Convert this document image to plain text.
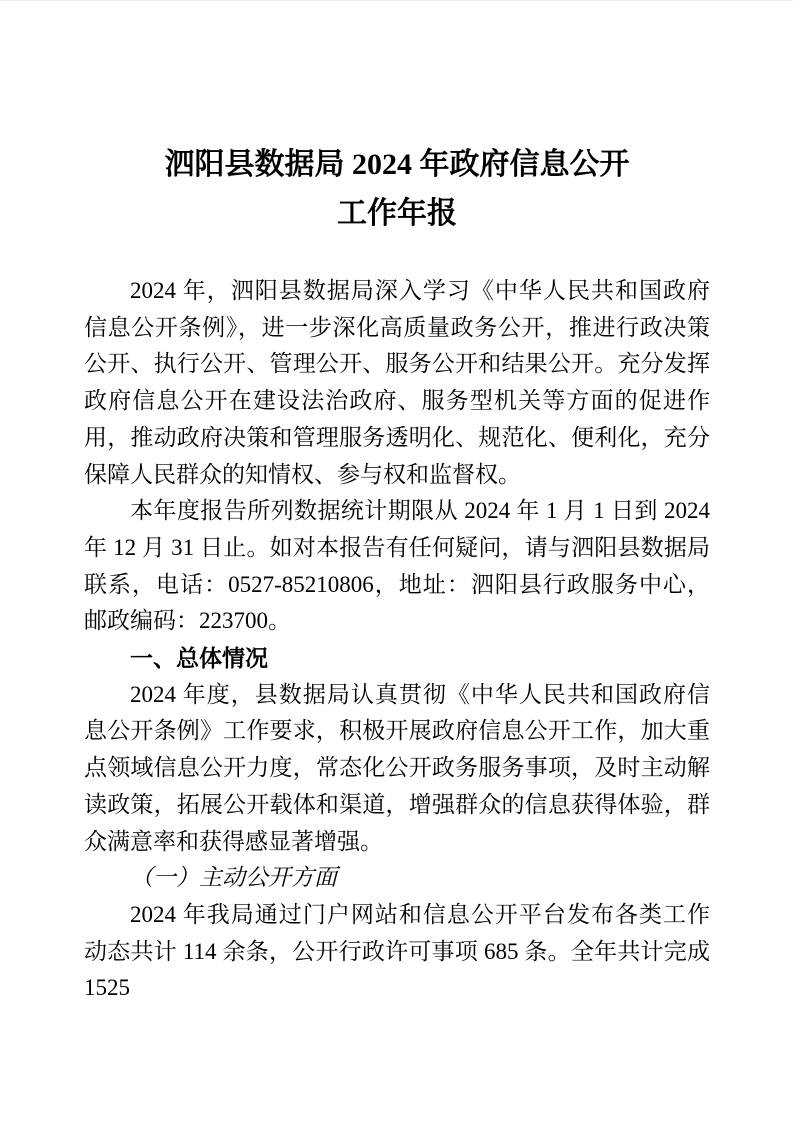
泗阳县数据局 2024 年政府信息公开
工作年报

2024 年，泗阳县数据局深入学习《中华人民共和国政府信息公开条例》，进一步深化高质量政务公开，推进行政决策公开、执行公开、管理公开、服务公开和结果公开。充分发挥政府信息公开在建设法治政府、服务型机关等方面的促进作用，推动政府决策和管理服务透明化、规范化、便利化，充分保障人民群众的知情权、参与权和监督权。

本年度报告所列数据统计期限从 2024 年 1 月 1 日到 2024 年 12 月 31 日止。如对本报告有任何疑问，请与泗阳县数据局联系，电话：0527-85210806，地址：泗阳县行政服务中心，邮政编码：223700。

一、总体情况

2024 年度，县数据局认真贯彻《中华人民共和国政府信息公开条例》工作要求，积极开展政府信息公开工作，加大重点领域信息公开力度，常态化公开政务服务事项，及时主动解读政策，拓展公开载体和渠道，增强群众的信息获得体验，群众满意率和获得感显著增强。

（一）主动公开方面

2024 年我局通过门户网站和信息公开平台发布各类工作动态共计 114 余条，公开行政许可事项 685 条。全年共计完成 1525
